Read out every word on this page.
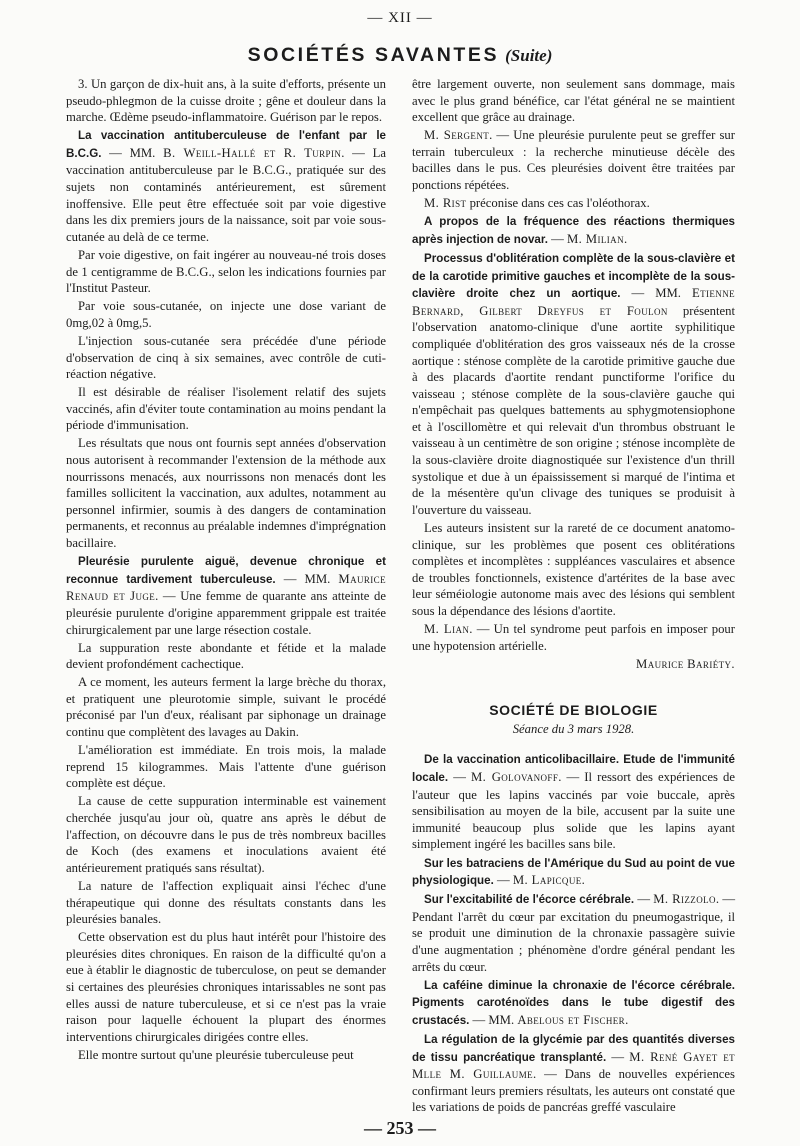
— XII —
SOCIÉTÉS SAVANTES (Suite)

3. Un garçon de dix-huit ans, à la suite d'efforts, présente un pseudo-phlegmon de la cuisse droite ; gêne et douleur dans la marche. Œdème pseudo-inflammatoire. Guérison par le repos.

La vaccination antituberculeuse de l'enfant par le B.C.G. — MM. B. Weill-Hallé et R. Turpin. — La vaccination antituberculeuse par le B.C.G., pratiquée sur des sujets non contaminés antérieurement, est sûrement inoffensive. Elle peut être effectuée soit par voie digestive dans les dix premiers jours de la naissance, soit par voie sous-cutanée au delà de ce terme.

Par voie digestive, on fait ingérer au nouveau-né trois doses de 1 centigramme de B.C.G., selon les indications fournies par l'Institut Pasteur.

Par voie sous-cutanée, on injecte une dose variant de 0mg,02 à 0mg,5.

L'injection sous-cutanée sera précédée d'une période d'observation de cinq à six semaines, avec contrôle de cuti-réaction négative.

Il est désirable de réaliser l'isolement relatif des sujets vaccinés, afin d'éviter toute contamination au moins pendant la période d'immunisation.

Les résultats que nous ont fournis sept années d'observation nous autorisent à recommander l'extension de la méthode aux nourrissons menacés, aux nourrissons non menacés dont les familles sollicitent la vaccination, aux adultes, notamment au personnel infirmier, soumis à des dangers de contamination permanents, et reconnus au préalable indemnes d'imprégnation bacillaire.

Pleurésie purulente aiguë, devenue chronique et reconnue tardivement tuberculeuse. — MM. Maurice Renaud et Juge. — Une femme de quarante ans atteinte de pleurésie purulente d'origine apparemment grippale est traitée chirurgicalement par une large résection costale.

La suppuration reste abondante et fétide et la malade devient profondément cachectique.

A ce moment, les auteurs ferment la large brèche du thorax, et pratiquent une pleurotomie simple, suivant le procédé préconisé par l'un d'eux, réalisant par siphonage un drainage continu que complètent des lavages au Dakin.

L'amélioration est immédiate. En trois mois, la malade reprend 15 kilogrammes. Mais l'attente d'une guérison complète est déçue.

La cause de cette suppuration interminable est vainement cherchée jusqu'au jour où, quatre ans après le début de l'affection, on découvre dans le pus de très nombreux bacilles de Koch (des examens et inoculations avaient été antérieurement pratiqués sans résultat).

La nature de l'affection expliquait ainsi l'échec d'une thérapeutique qui donne des résultats constants dans les pleurésies banales.

Cette observation est du plus haut intérêt pour l'histoire des pleurésies dites chroniques. En raison de la difficulté qu'on a eue à établir le diagnostic de tuberculose, on peut se demander si certaines des pleurésies chroniques intarissables ne sont pas elles aussi de nature tuberculeuse, et si ce n'est pas la vraie raison pour laquelle échouent la plupart des énormes interventions chirurgicales dirigées contre elles.

Elle montre surtout qu'une pleurésie tuberculeuse peut

être largement ouverte, non seulement sans dommage, mais avec le plus grand bénéfice, car l'état général ne se maintient excellent que grâce au drainage.

M. Sergent. — Une pleurésie purulente peut se greffer sur terrain tuberculeux : la recherche minutieuse décèle des bacilles dans le pus. Ces pleurésies doivent être traitées par ponctions répétées.

M. Rist préconise dans ces cas l'oléothorax.

A propos de la fréquence des réactions thermiques après injection de novar. — M. Milian.

Processus d'oblitération complète de la sous-clavière et de la carotide primitive gauches et incomplète de la sous-clavière droite chez un aortique. — MM. Etienne Bernard, Gilbert Dreyfus et Foulon présentent l'observation anatomo-clinique d'une aortite syphilitique compliquée d'oblitération des gros vaisseaux nés de la crosse aortique : sténose complète de la carotide primitive gauche due à des placards d'aortite rendant punctiforme l'orifice du vaisseau ; sténose complète de la sous-clavière gauche qui n'empêchait pas quelques battements au sphygmotensiophone et à l'oscillomètre et qui relevait d'un thrombus obstruant le vaisseau à un centimètre de son origine ; sténose incomplète de la sous-clavière droite diagnostiquée sur l'existence d'un thrill systolique et due à un épaississement si marqué de l'intima et de la mésentère qu'un clivage des tuniques se produisit à l'ouverture du vaisseau.

Les auteurs insistent sur la rareté de ce document anatomo-clinique, sur les problèmes que posent ces oblitérations complètes et incomplètes : suppléances vasculaires et absence de troubles fonctionnels, existence d'artérites de la base avec leur séméiologie autonome mais avec des lésions qui semblent sous la dépendance des lésions d'aortite.

M. Lian. — Un tel syndrome peut parfois en imposer pour une hypotension artérielle.

Maurice Bariéty.

SOCIÉTÉ DE BIOLOGIE
Séance du 3 mars 1928.

De la vaccination anticolibacillaire. Etude de l'immunité locale. — M. Golovanoff. — Il ressort des expériences de l'auteur que les lapins vaccinés par voie buccale, après sensibilisation au moyen de la bile, accusent par la suite une immunité beaucoup plus solide que les lapins ayant simplement ingéré les bacilles sans bile.

Sur les batraciens de l'Amérique du Sud au point de vue physiologique. — M. Lapicque.

Sur l'excitabilité de l'écorce cérébrale. — M. Rizzolo. — Pendant l'arrêt du cœur par excitation du pneumogastrique, il se produit une diminution de la chronaxie passagère suivie d'une augmentation ; phénomène d'ordre général pendant les arrêts du cœur.

La caféine diminue la chronaxie de l'écorce cérébrale. Pigments caroténoïdes dans le tube digestif des crustacés. — MM. Abelous et Fischer.

La régulation de la glycémie par des quantités diverses de tissu pancréatique transplanté. — M. René Gayet et Mlle M. Guillaume. — Dans de nouvelles expériences confirmant leurs premiers résultats, les auteurs ont constaté que les variations de poids de pancréas greffé vasculaire

— 253 —
